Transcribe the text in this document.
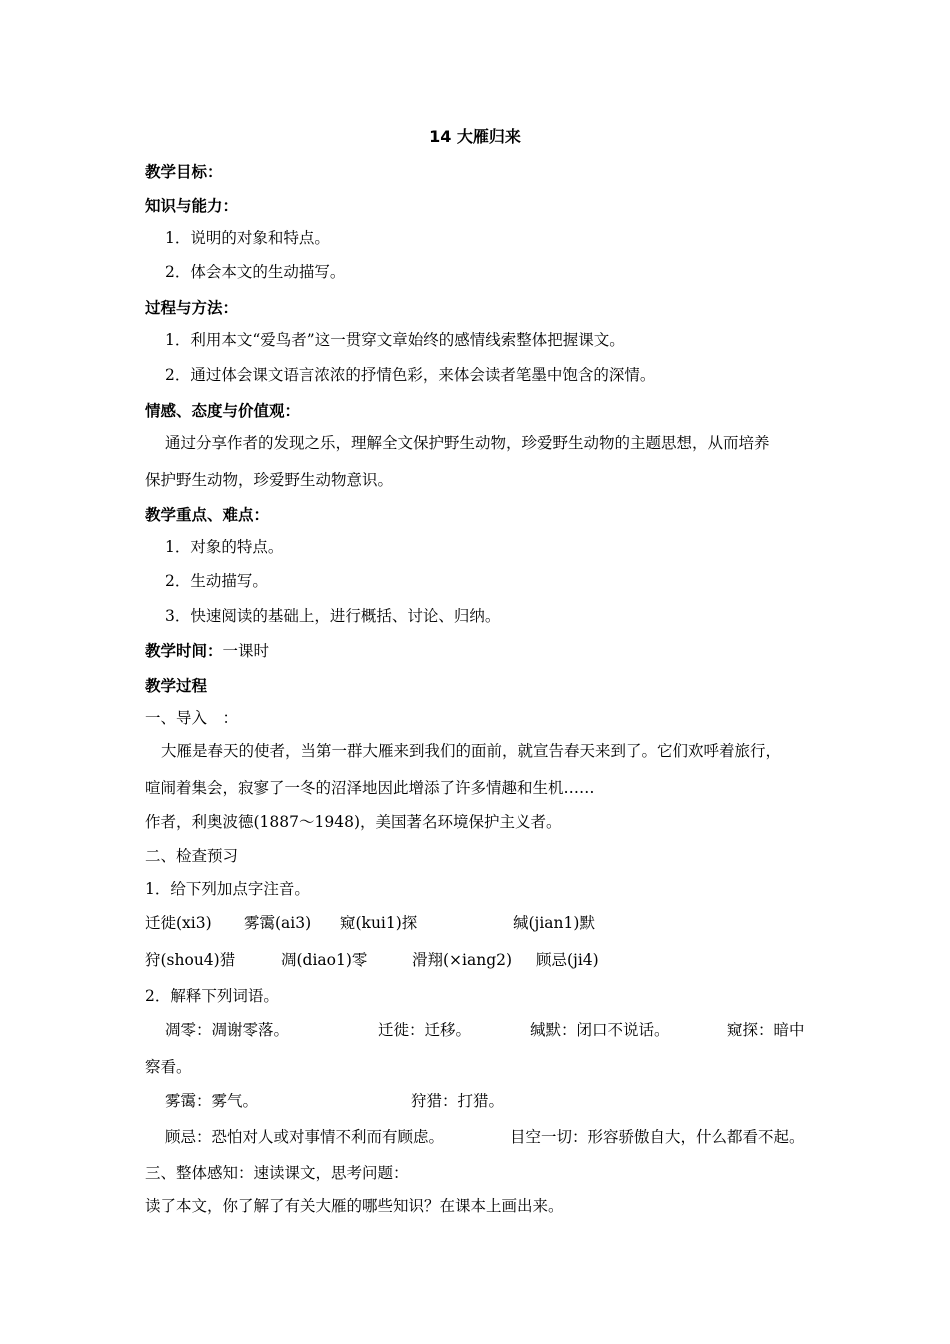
14 大雁归来
教学目标：
知识与能力：
1．说明的对象和特点。
2．体会本文的生动描写。
过程与方法：
1．利用本文“爱鸟者”这一贯穿文章始终的感情线索整体把握课文。
2．通过体会课文语言浓浓的抒情色彩，来体会读者笔墨中饱含的深情。
情感、态度与价值观：
通过分享作者的发现之乐，理解全文保护野生动物，珍爱野生动物的主题思想，从而培养
保护野生动物，珍爱野生动物意识。
教学重点、难点：
1．对象的特点。
2．生动描写。
3．快速阅读的基础上，进行概括、讨论、归纳。
教学时间：一课时
教学过程
一、导入　：
大雁是春天的使者，当第一群大雁来到我们的面前，就宣告春天来到了。它们欢呼着旅行，
喧闹着集会，寂寥了一冬的沼泽地因此增添了许多情趣和生机……
作者，利奥波德(1887～1948)，美国著名环境保护主义者。
二、检查预习
1．给下列加点字注音。
迁徙(xi3) 雾霭(ai3) 窥(kui1)探	缄(jian1)默
狩(shou4)猎	凋(diao1)零	滑翔(×iang2) 顾忌(ji4)
2．解释下列词语。
凋零：凋谢零落。	迁徙：迁移。	缄默：闭口不说话。	窥探：暗中
察看。
雾霭：雾气。	狩猎：打猎。
顾忌：恐怕对人或对事情不利而有顾虑。	目空一切：形容骄傲自大，什么都看不起。
三、整体感知：速读课文，思考问题：
读了本文，你了解了有关大雁的哪些知识？在课本上画出来。
